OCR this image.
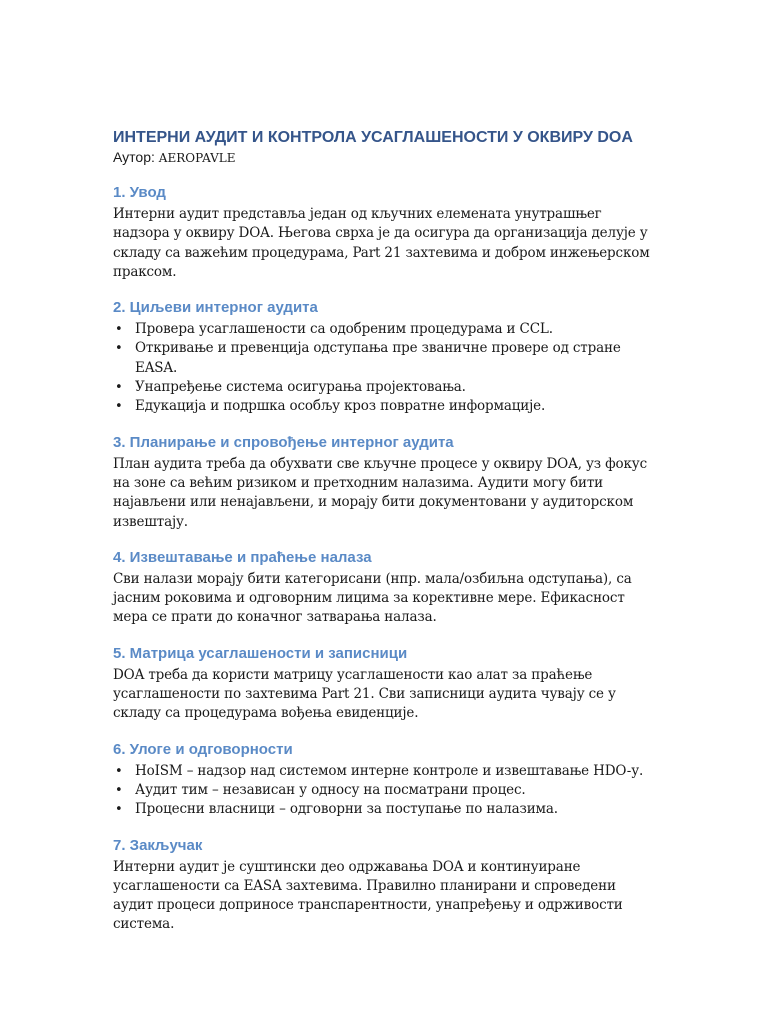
ИНТЕРНИ АУДИТ И КОНТРОЛА УСАГЛАШЕНОСТИ У ОКВИРУ DOA

Аутор: AEROPAVLE

1. Увод

Интерни аудит представља један од кључних елемената унутрашњег надзора у оквиру DOA. Његова сврха је да осигура да организација делује у складу са важећим процедурама, Part 21 захтевима и добром инжењерском праксом.

2. Циљеви интерног аудита
• Провера усаглашености са одобреним процедурама и CCL.
• Откривање и превенција одступања пре званичне провере од стране EASA.
• Унапређење система осигурања пројектовања.
• Едукација и подршка особљу кроз повратне информације.
3. Планирање и спровођење интерног аудита

План аудита треба да обухвати све кључне процесе у оквиру DOA, уз фокус на зоне са већим ризиком и претходним налазима. Аудити могу бити најављени или ненајављени, и морају бити документовани у аудиторском извештају.

4. Извештавање и праћење налаза

Сви налази морају бити категорисани (нпр. мала/озбиљна одступања), са јасним роковима и одговорним лицима за корективне мере. Ефикасност мера се прати до коначног затварања налаза.

5. Матрица усаглашености и записници

DOA треба да користи матрицу усаглашености као алат за праћење усаглашености по захтевима Part 21. Сви записници аудита чувају се у складу са процедурама вођења евиденције.

6. Улоге и одговорности
• HoISM – надзор над системом интерне контроле и извештавање HDO-у.
• Аудит тим – независан у односу на посматрани процес.
• Процесни власници – одговорни за поступање по налазима.
7. Закључак

Интерни аудит је суштински део одржавања DOA и континуиране усаглашености са EASA захтевима. Правилно планирани и спроведени аудит процеси доприносе транспарентности, унапређењу и одрживости система.
